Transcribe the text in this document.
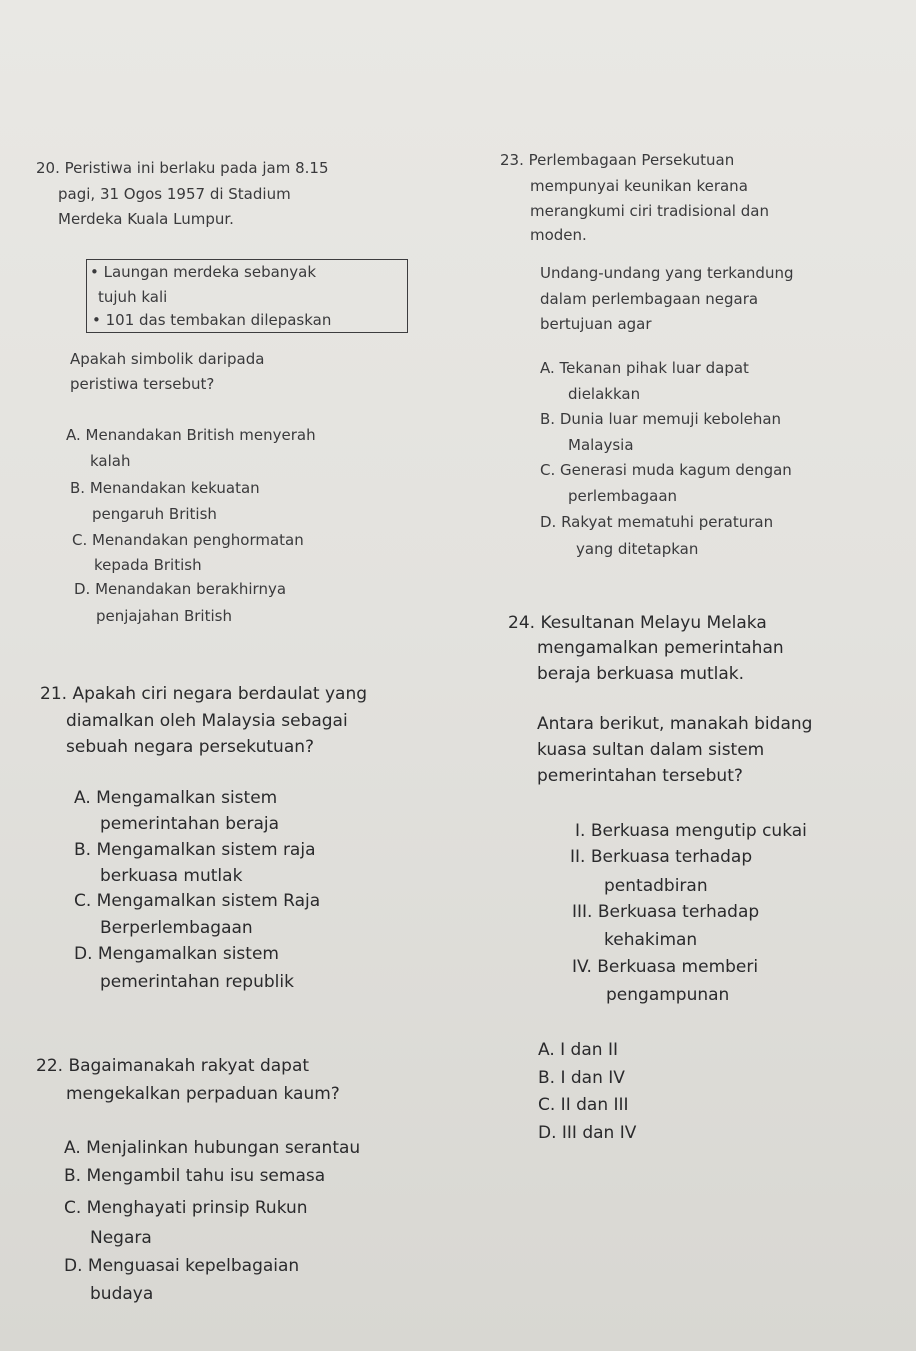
20. Peristiwa ini berlaku pada jam 8.15
pagi, 31 Ogos 1957 di Stadium
Merdeka Kuala Lumpur.
• Laungan merdeka sebanyak
tujuh kali
• 101 das tembakan dilepaskan
Apakah simbolik daripada
peristiwa tersebut?
A. Menandakan British menyerah
kalah
B. Menandakan kekuatan
pengaruh British
C. Menandakan penghormatan
kepada British
D. Menandakan berakhirnya
penjajahan British
21. Apakah ciri negara berdaulat yang
diamalkan oleh Malaysia sebagai
sebuah negara persekutuan?
A. Mengamalkan sistem
pemerintahan beraja
B. Mengamalkan sistem raja
berkuasa mutlak
C. Mengamalkan sistem Raja
Berperlembagaan
D. Mengamalkan sistem
pemerintahan republik
22. Bagaimanakah rakyat dapat
mengekalkan perpaduan kaum?
A. Menjalinkan hubungan serantau
B. Mengambil tahu isu semasa
C. Menghayati prinsip Rukun
Negara
D. Menguasai kepelbagaian
budaya
23. Perlembagaan Persekutuan
mempunyai keunikan kerana
merangkumi ciri tradisional dan
moden.
Undang-undang yang terkandung
dalam perlembagaan negara
bertujuan agar
A. Tekanan pihak luar dapat
dielakkan
B. Dunia luar memuji kebolehan
Malaysia
C. Generasi muda kagum dengan
perlembagaan
D. Rakyat mematuhi peraturan
yang ditetapkan
24. Kesultanan Melayu Melaka
mengamalkan pemerintahan
beraja berkuasa mutlak.
Antara berikut, manakah bidang
kuasa sultan dalam sistem
pemerintahan tersebut?
I. Berkuasa mengutip cukai
II. Berkuasa terhadap
pentadbiran
III. Berkuasa terhadap
kehakiman
IV. Berkuasa memberi
pengampunan
A. I dan II
B. I dan IV
C. II dan III
D. III dan IV
